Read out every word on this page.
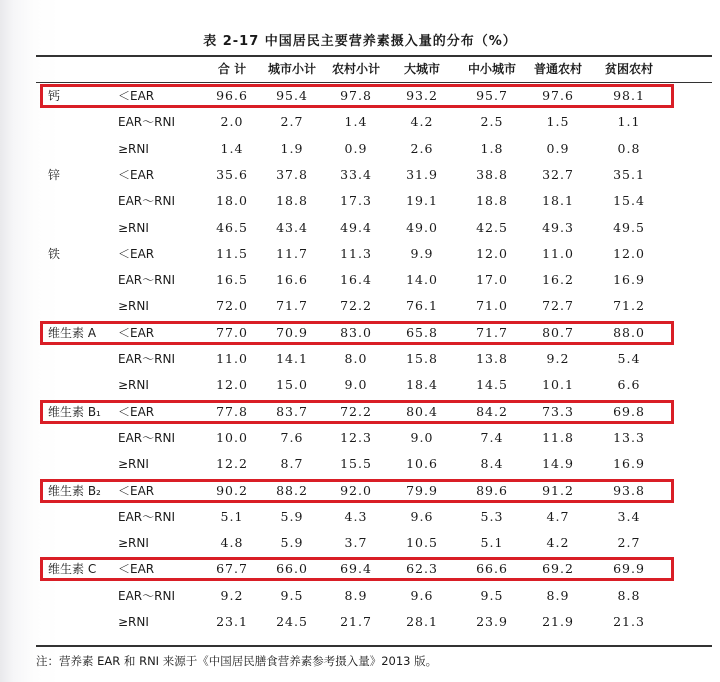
表 2-17 中国居民主要营养素摄入量的分布（%）
合 计	城市小计	农村小计	大城市	中小城市	普通农村	贫困农村
钙	＜EAR	96.6	95.4	97.8	93.2	95.7	97.6	98.1
EAR～RNI	2.0	2.7	1.4	4.2	2.5	1.5	1.1
≥RNI	1.4	1.9	0.9	2.6	1.8	0.9	0.8
锌	＜EAR	35.6	37.8	33.4	31.9	38.8	32.7	35.1
EAR～RNI	18.0	18.8	17.3	19.1	18.8	18.1	15.4
≥RNI	46.5	43.4	49.4	49.0	42.5	49.3	49.5
铁	＜EAR	11.5	11.7	11.3	9.9	12.0	11.0	12.0
EAR～RNI	16.5	16.6	16.4	14.0	17.0	16.2	16.9
≥RNI	72.0	71.7	72.2	76.1	71.0	72.7	71.2
维生素 A ＜EAR	77.0	70.9	83.0	65.8	71.7	80.7	88.0
EAR～RNI	11.0	14.1	8.0	15.8	13.8	9.2	5.4
≥RNI	12.0	15.0	9.0	18.4	14.5	10.1	6.6
维生素 B₁ ＜EAR	77.8	83.7	72.2	80.4	84.2	73.3	69.8
EAR～RNI	10.0	7.6	12.3	9.0	7.4	11.8	13.3
≥RNI	12.2	8.7	15.5	10.6	8.4	14.9	16.9
维生素 B₂ ＜EAR	90.2	88.2	92.0	79.9	89.6	91.2	93.8
EAR～RNI	5.1	5.9	4.3	9.6	5.3	4.7	3.4
≥RNI	4.8	5.9	3.7	10.5	5.1	4.2	2.7
维生素 C ＜EAR	67.7	66.0	69.4	62.3	66.6	69.2	69.9
EAR～RNI	9.2	9.5	8.9	9.6	9.5	8.9	8.8
≥RNI	23.1	24.5	21.7	28.1	23.9	21.9	21.3
注：营养素 EAR 和 RNI 来源于《中国居民膳食营养素参考摄入量》2013 版。
